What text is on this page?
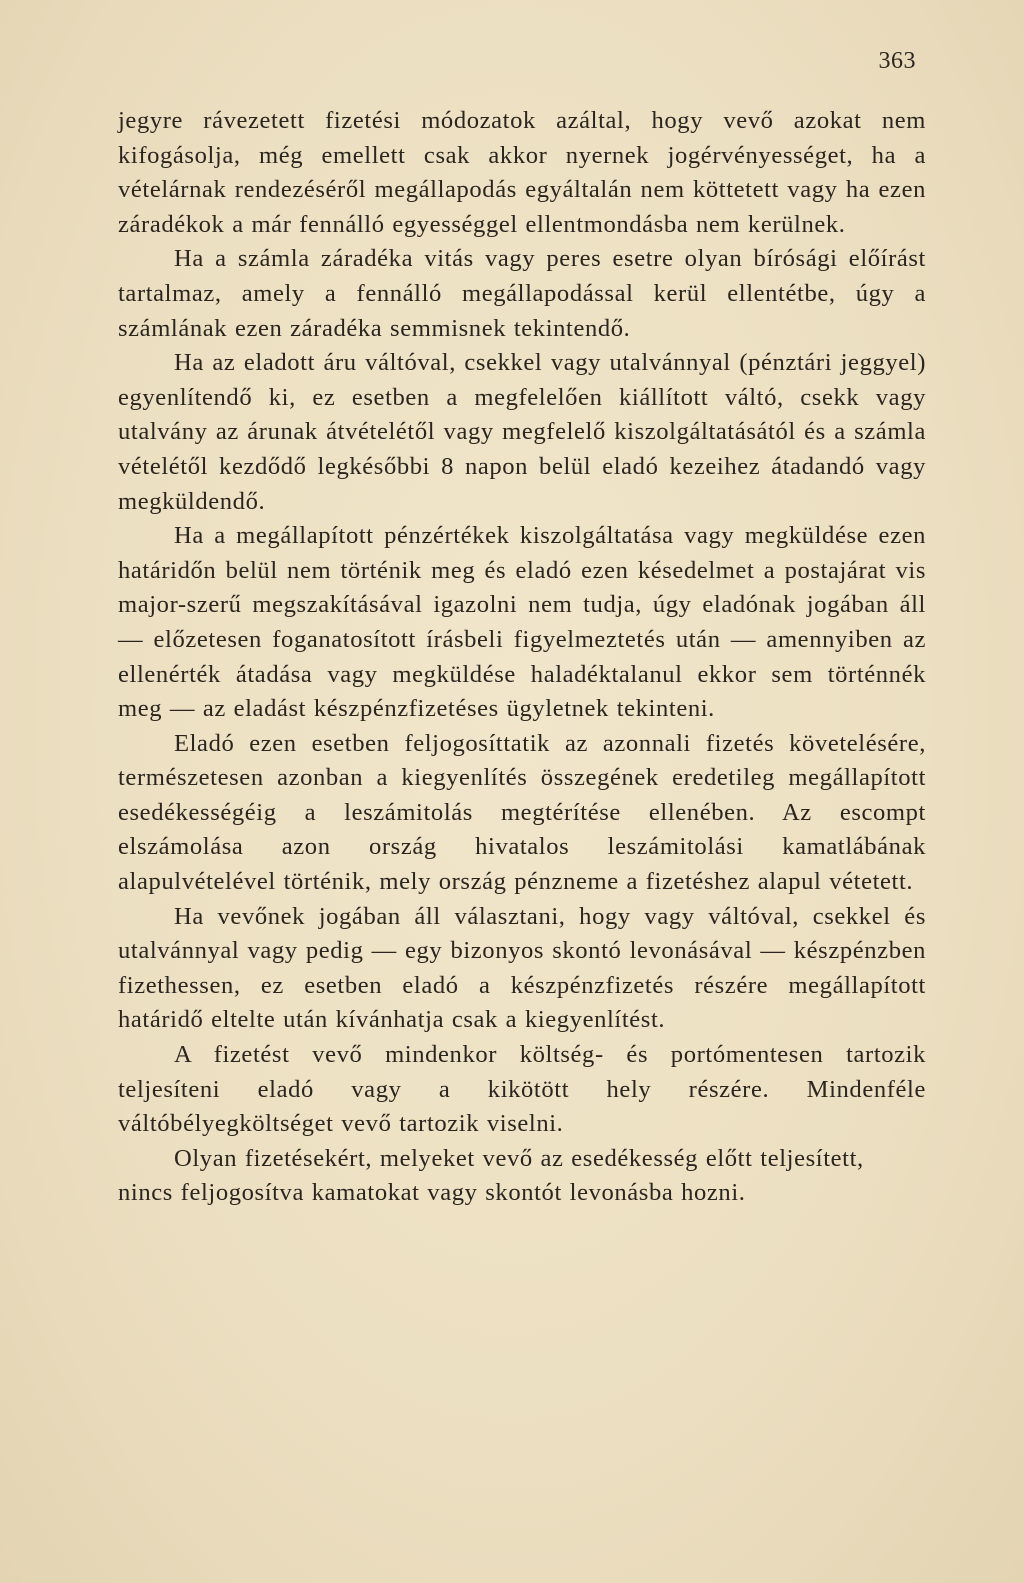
363

jegyre rávezetett fizetési módozatok azáltal, hogy vevő azokat nem kifogásolja, még emellett csak akkor nyernek jogérvényességet, ha a vételárnak rendezéséről megállapodás egyáltalán nem köttetett vagy ha ezen záradékok a már fennálló egyességgel ellentmondásba nem kerülnek.

Ha a számla záradéka vitás vagy peres esetre olyan bírósági előírást tartalmaz, amely a fennálló megállapodással kerül ellentétbe, úgy a számlának ezen záradéka semmisnek tekintendő.

Ha az eladott áru váltóval, csekkel vagy utalvánnyal (pénztári jeggyel) egyenlítendő ki, ez esetben a megfelelően kiállított váltó, csekk vagy utalvány az árunak átvételétől vagy megfelelő kiszolgáltatásától és a számla vételétől kezdődő legkésőbbi 8 napon belül eladó kezeihez átadandó vagy megküldendő.

Ha a megállapított pénzértékek kiszolgáltatása vagy megküldése ezen határidőn belül nem történik meg és eladó ezen késedelmet a postajárat vis major-szerű megszakításával igazolni nem tudja, úgy eladónak jogában áll — előzetesen foganatosított írásbeli figyelmeztetés után — amennyiben az ellenérték átadása vagy megküldése haladéktalanul ekkor sem történnék meg — az eladást készpénzfizetéses ügyletnek tekinteni.

Eladó ezen esetben feljogosíttatik az azonnali fizetés követelésére, természetesen azonban a kiegyenlítés összegének eredetileg megállapított esedékességéig a leszámitolás megtérítése ellenében. Az escompt elszámolása azon ország hivatalos leszámitolási kamatlábának alapulvételével történik, mely ország pénzneme a fizetéshez alapul vétetett.

Ha vevőnek jogában áll választani, hogy vagy váltóval, csekkel és utalvánnyal vagy pedig — egy bizonyos skontó levonásával — készpénzben fizethessen, ez esetben eladó a készpénzfizetés részére megállapított határidő eltelte után kívánhatja csak a kiegyenlítést.

A fizetést vevő mindenkor költség- és portómentesen tartozik teljesíteni eladó vagy a kikötött hely részére. Mindenféle váltóbélyegköltséget vevő tartozik viselni.

Olyan fizetésekért, melyeket vevő az esedékesség előtt teljesített, nincs feljogosítva kamatokat vagy skontót levonásba hozni.
